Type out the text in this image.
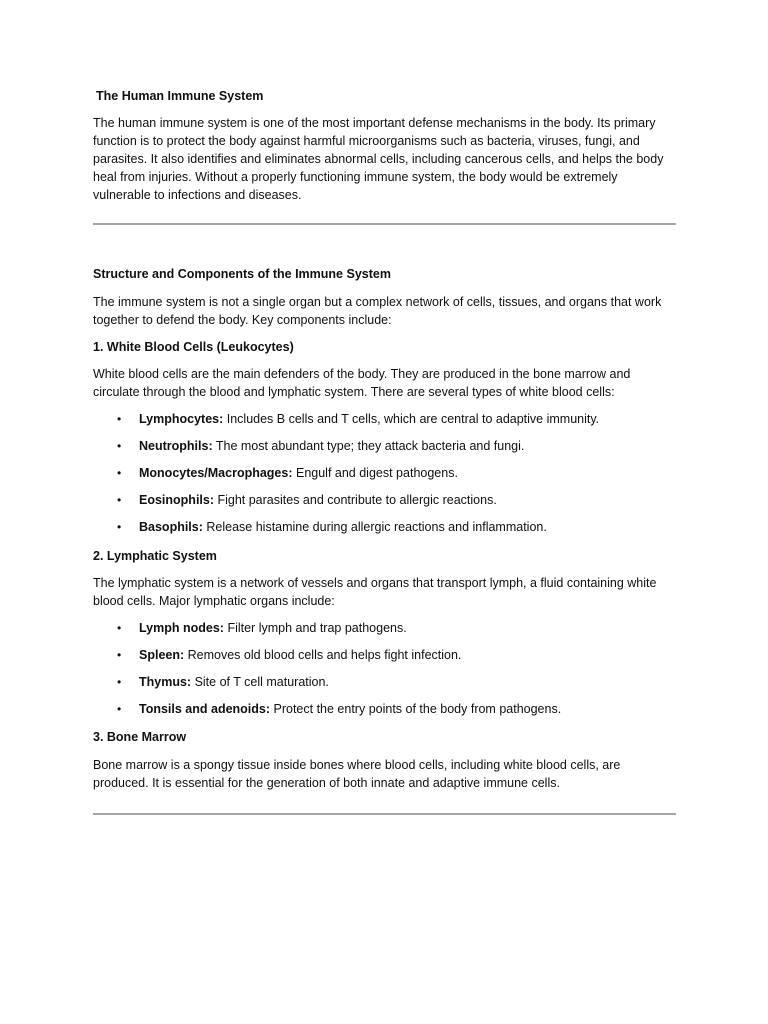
The Human Immune System

The human immune system is one of the most important defense mechanisms in the body. Its primary function is to protect the body against harmful microorganisms such as bacteria, viruses, fungi, and parasites. It also identifies and eliminates abnormal cells, including cancerous cells, and helps the body heal from injuries. Without a properly functioning immune system, the body would be extremely vulnerable to infections and diseases.

Structure and Components of the Immune System

The immune system is not a single organ but a complex network of cells, tissues, and organs that work together to defend the body. Key components include:

1. White Blood Cells (Leukocytes)

White blood cells are the main defenders of the body. They are produced in the bone marrow and circulate through the blood and lymphatic system. There are several types of white blood cells:

• Lymphocytes: Includes B cells and T cells, which are central to adaptive immunity.
• Neutrophils: The most abundant type; they attack bacteria and fungi.
• Monocytes/Macrophages: Engulf and digest pathogens.
• Eosinophils: Fight parasites and contribute to allergic reactions.
• Basophils: Release histamine during allergic reactions and inflammation.
2. Lymphatic System

The lymphatic system is a network of vessels and organs that transport lymph, a fluid containing white blood cells. Major lymphatic organs include:

• Lymph nodes: Filter lymph and trap pathogens.
• Spleen: Removes old blood cells and helps fight infection.
• Thymus: Site of T cell maturation.
• Tonsils and adenoids: Protect the entry points of the body from pathogens.
3. Bone Marrow

Bone marrow is a spongy tissue inside bones where blood cells, including white blood cells, are produced. It is essential for the generation of both innate and adaptive immune cells.
